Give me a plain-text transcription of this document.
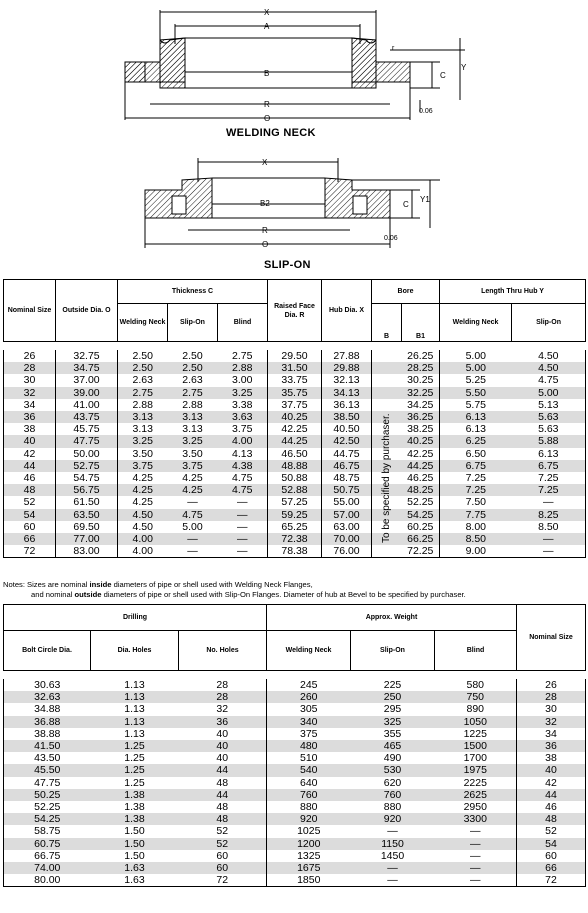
X
A
r
B	C
Y
R
O
0.06
X
B2	C
Y1
R
O
0.06
WELDING NECK
SLIP-ON
Nominal Size	Outside Dia. O	Thickness C			Raised Face Dia. R	Hub Dia. X	Bore		Length Thru Hub Y	
		Welding Neck	Slip-On	Blind			B	B1	Welding Neck	Slip-On

26	32.75	2.50	2.50	2.75	29.50	27.88		26.25	5.00	4.50
28	34.75	2.50	2.50	2.88	31.50	29.88		28.25	5.00	4.50
30	37.00	2.63	2.63	3.00	33.75	32.13		30.25	5.25	4.75
32	39.00	2.75	2.75	3.25	35.75	34.13		32.25	5.50	5.00
34	41.00	2.88	2.88	3.38	37.75	36.13		34.25	5.75	5.13
36	43.75	3.13	3.13	3.63	40.25	38.50		36.25	6.13	5.63
38	45.75	3.13	3.13	3.75	42.25	40.50		38.25	6.13	5.63
40	47.75	3.25	3.25	4.00	44.25	42.50		40.25	6.25	5.88
42	50.00	3.50	3.50	4.13	46.50	44.75		42.25	6.50	6.13
44	52.75	3.75	3.75	4.38	48.88	46.75		44.25	6.75	6.75
46	54.75	4.25	4.25	4.75	50.88	48.75		46.25	7.25	7.25
48	56.75	4.25	4.25	4.75	52.88	50.75		48.25	7.25	7.25
52	61.50	4.25	—	—	57.25	55.00		52.25	7.50	—
54	63.50	4.50	4.75	—	59.25	57.00		54.25	7.75	8.25
60	69.50	4.50	5.00	—	65.25	63.00		60.25	8.00	8.50
66	77.00	4.00	—	—	72.38	70.00		66.25	8.50	—
72	83.00	4.00	—	—	78.38	76.00		72.25	9.00	—
To be specified by purchaser.
Notes: Sizes are nominal inside diameters of pipe or shell used with Welding Neck Flanges,
and nominal outside diameters of pipe or shell used with Slip-On Flanges. Diameter of hub at Bevel to be specified by purchaser.
Drilling			Approx. Weight			Nominal Size
Bolt Circle Dia.	Dia. Holes	No. Holes	Welding Neck	Slip-On	Blind	

30.63	1.13	28	245	225	580	26
32.63	1.13	28	260	250	750	28
34.88	1.13	32	305	295	890	30
36.88	1.13	36	340	325	1050	32
38.88	1.13	40	375	355	1225	34
41.50	1.25	40	480	465	1500	36
43.50	1.25	40	510	490	1700	38
45.50	1.25	44	540	530	1975	40
47.75	1.25	48	640	620	2225	42
50.25	1.38	44	760	760	2625	44
52.25	1.38	48	880	880	2950	46
54.25	1.38	48	920	920	3300	48
58.75	1.50	52	1025	—	—	52
60.75	1.50	52	1200	1150	—	54
66.75	1.50	60	1325	1450	—	60
74.00	1.63	60	1675	—	—	66
80.00	1.63	72	1850	—	—	72
